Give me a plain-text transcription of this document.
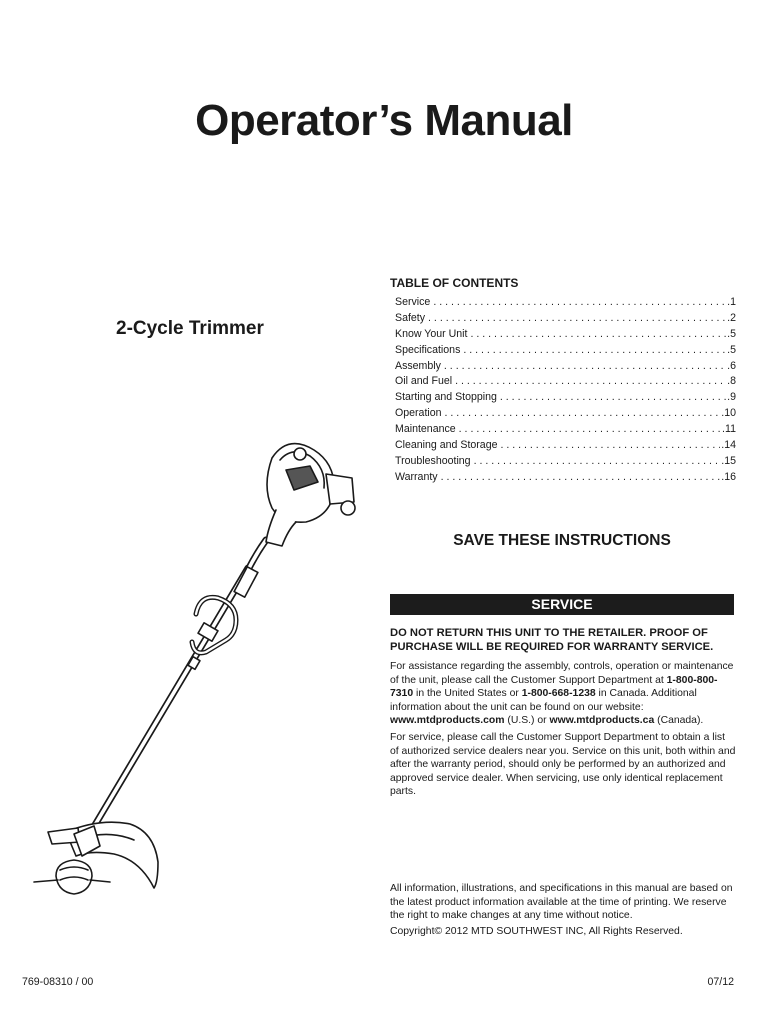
Operator’s Manual
2-Cycle Trimmer
TABLE OF CONTENTS
Service . . .	.1
Safety . . .	.2
Know Your Unit . . .	.5
Specifications . . .	.5
Assembly . . .	.6
Oil and Fuel . . .	.8
Starting and Stopping . . .	.9
Operation . . .	.10
Maintenance . . .	.11
Cleaning and Storage . . .	.14
Troubleshooting . . .	.15
Warranty . . .	.16
SAVE THESE INSTRUCTIONS
SERVICE
DO NOT RETURN THIS UNIT TO THE RETAILER. PROOF OF PURCHASE WILL BE REQUIRED FOR WARRANTY SERVICE.

For assistance regarding the assembly, controls, operation or maintenance of the unit, please call the Customer Support Department at 1-800-800-7310 in the United States or 1-800-668-1238 in Canada. Additional information about the unit can be found on our website: www.mtdproducts.com (U.S.) or www.mtdproducts.ca (Canada).

For service, please call the Customer Support Department to obtain a list of authorized service dealers near you. Service on this unit, both within and after the warranty period, should only be performed by an authorized and approved service dealer. When servicing, use only identical replacement parts.

All information, illustrations, and specifications in this manual are based on the latest product information available at the time of printing. We reserve the right to make changes at any time without notice.

Copyright© 2012 MTD SOUTHWEST INC, All Rights Reserved.

769-08310 / 00	07/12
